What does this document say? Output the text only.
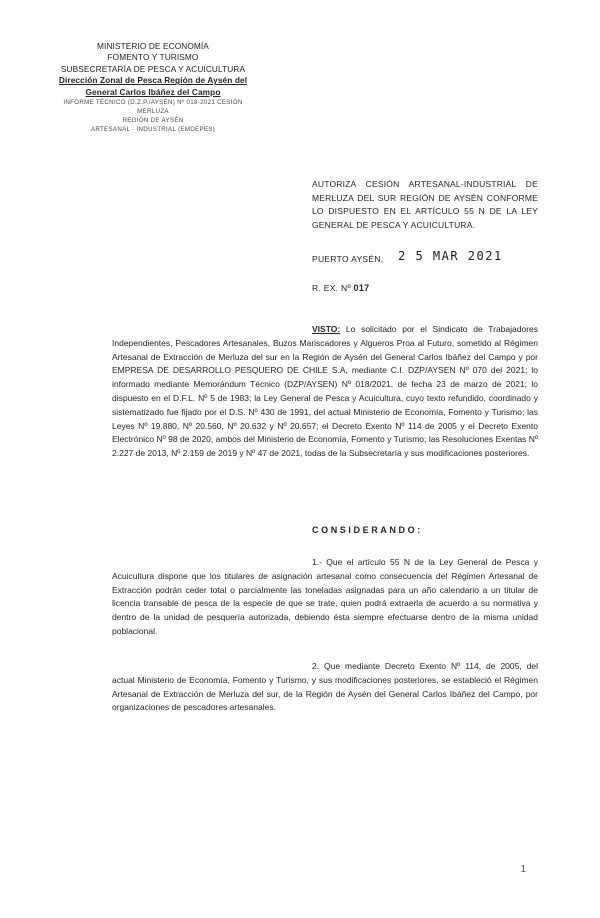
MINISTERIO DE ECONOMÍA
FOMENTO Y TURISMO
SUBSECRETARÍA DE PESCA Y ACUICULTURA
Dirección Zonal de Pesca Región de Aysén del
General Carlos Ibáñez del Campo
INFORME TÉCNICO (D.Z.P./AYSÉN) Nº 018-2021 CESIÓN MERLUZA
REGIÓN DE AYSÉN
ARTESANAL - INDUSTRIAL (EMDEPES)
AUTORIZA CESIÓN ARTESANAL-INDUSTRIAL DE MERLUZA DEL SUR REGIÓN DE AYSÉN CONFORME LO DISPUESTO EN EL ARTÍCULO 55 N DE LA LEY GENERAL DE PESCA Y ACUICULTURA.
PUERTO AYSÉN, 2 5 MAR 2021
R. EX. Nº 017
VISTO: Lo solicitado por el Sindicato de Trabajadores Independientes, Pescadores Artesanales, Buzos Mariscadores y Algueros Proa al Futuro, sometido al Régimen Artesanal de Extracción de Merluza del sur en la Región de Aysén del General Carlos Ibáñez del Campo y por EMPRESA DE DESARROLLO PESQUERO DE CHILE S.A, mediante C.I. DZP/AYSEN Nº 070 del 2021; lo informado mediante Memorándum Técnico (DZP/AYSEN) Nº 018/2021, de fecha 23 de marzo de 2021; lo dispuesto en el D.F.L. Nº 5 de 1983; la Ley General de Pesca y Acuicultura, cuyo texto refundido, coordinado y sistematizado fue fijado por el D.S. Nº 430 de 1991, del actual Ministerio de Economía, Fomento y Turismo; las Leyes Nº 19.880, Nº 20.560, Nº 20.632 y Nº 20.657; el Decreto Exento Nº 114 de 2005 y el Decreto Exento Electrónico Nº 98 de 2020, ambos del Ministerio de Economía, Fomento y Turismo; las Resoluciones Exentas Nº 2.227 de 2013, Nº 2.159 de 2019 y Nº 47 de 2021, todas de la Subsecretaría y sus modificaciones posteriores.
CONSIDERANDO:
1.- Que el artículo 55 N de la Ley General de Pesca y Acuicultura dispone que los titulares de asignación artesanal como consecuencia del Régimen Artesanal de Extracción podrán ceder total o parcialmente las toneladas asignadas para un año calendario a un titular de licencia transable de pesca de la especie de que se trate, quien podrá extraerla de acuerdo a su normativa y dentro de la unidad de pesquería autorizada, debiendo ésta siempre efectuarse dentro de la misma unidad poblacional.
2. Que mediante Decreto Exento Nº 114, de 2005, del actual Ministerio de Economía, Fomento y Turismo, y sus modificaciones posteriores, se estableció el Régimen Artesanal de Extracción de Merluza del sur, de la Región de Aysén del General Carlos Ibáñez del Campo, por organizaciones de pescadores artesanales.
1
